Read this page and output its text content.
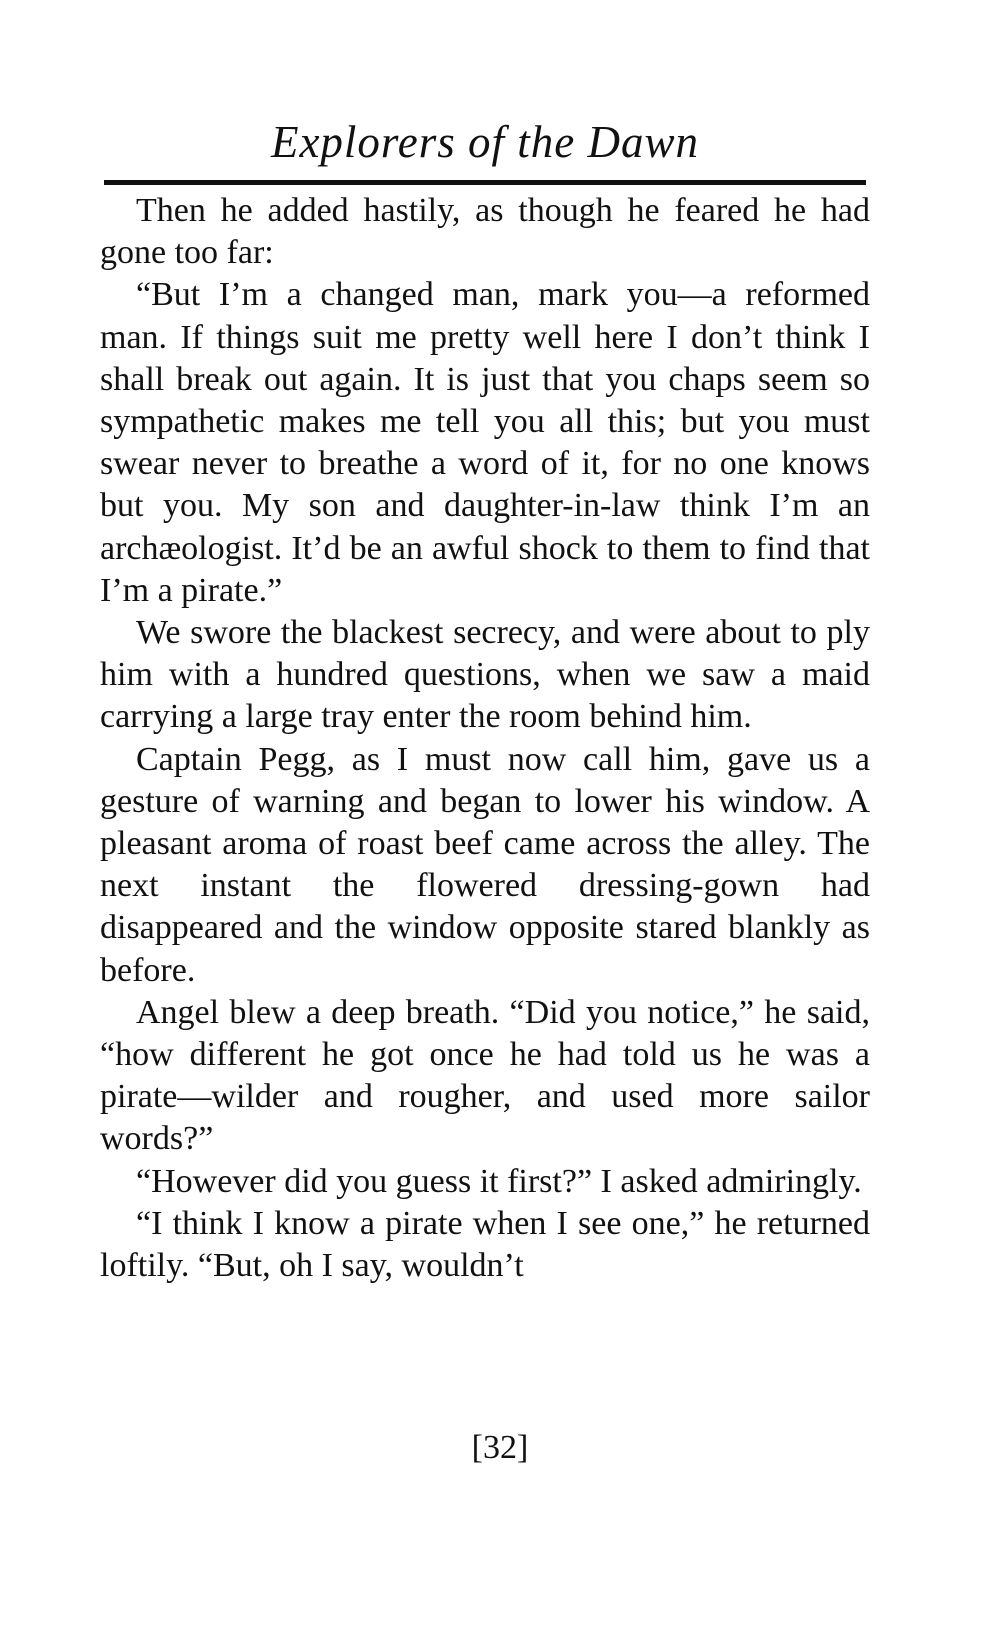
Explorers of the Dawn

Then he added hastily, as though he feared he had gone too far:

“But I’m a changed man, mark you—a reformed man. If things suit me pretty well here I don’t think I shall break out again. It is just that you chaps seem so sympathetic makes me tell you all this; but you must swear never to breathe a word of it, for no one knows but you. My son and daughter-in-law think I’m an archæologist. It’d be an awful shock to them to find that I’m a pirate.”

We swore the blackest secrecy, and were about to ply him with a hundred questions, when we saw a maid carrying a large tray enter the room behind him.

Captain Pegg, as I must now call him, gave us a gesture of warning and began to lower his window. A pleasant aroma of roast beef came across the alley. The next instant the flowered dressing-gown had disappeared and the window opposite stared blankly as before.

Angel blew a deep breath. “Did you notice,” he said, “how different he got once he had told us he was a pirate—wilder and rougher, and used more sailor words?”

“However did you guess it first?” I asked admiringly.

“I think I know a pirate when I see one,” he returned loftily. “But, oh I say, wouldn’t

[32]
